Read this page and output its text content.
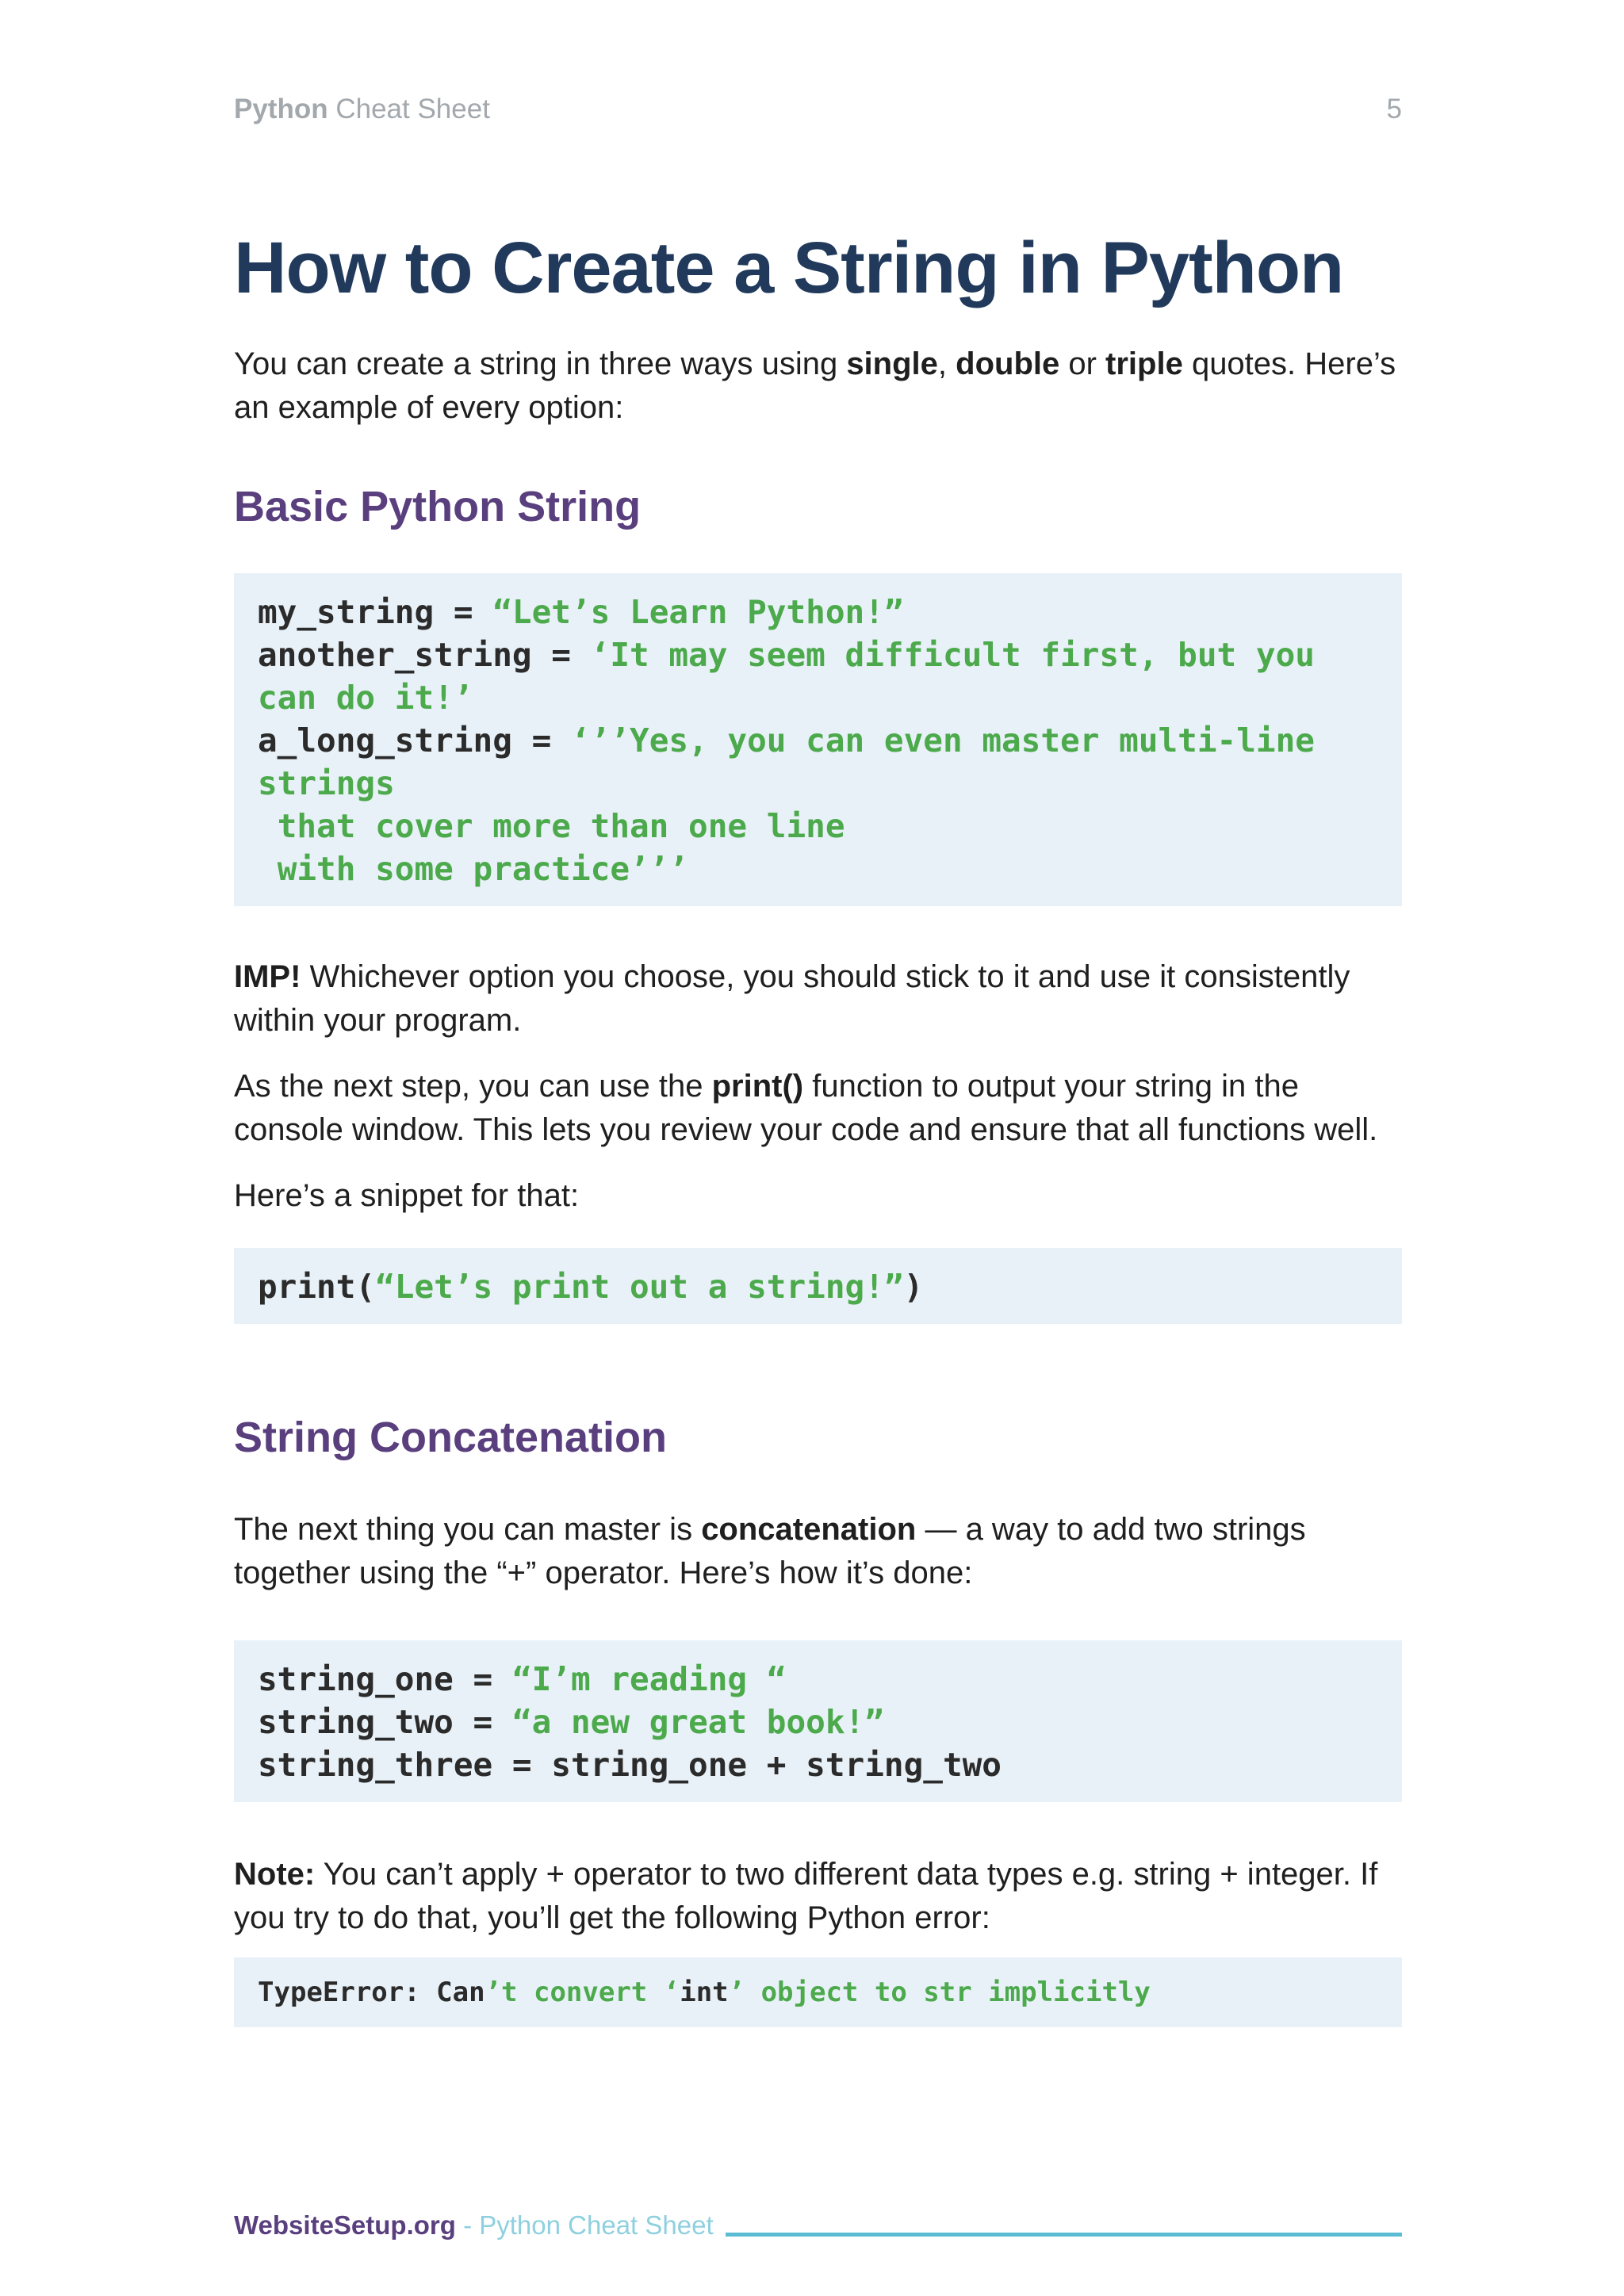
Python Cheat Sheet	5
How to Create a String in Python

You can create a string in three ways using single, double or triple quotes. Here’s an example of every option:

Basic Python String
my_string = “Let’s Learn Python!”
another_string = ‘It may seem difficult first, but you can do it!’
a_long_string = ‘’’Yes, you can even master multi-line strings
that cover more than one line
with some practice’’’

IMP! Whichever option you choose, you should stick to it and use it consistently within your program.

As the next step, you can use the print() function to output your string in the console window. This lets you review your code and ensure that all functions well.

Here’s a snippet for that:

print(“Let’s print out a string!”)
String Concatenation

The next thing you can master is concatenation — a way to add two strings together using the “+” operator. Here’s how it’s done:

string_one = “I’m reading “
string_two = “a new great book!”
string_three = string_one + string_two

Note: You can’t apply + operator to two different data types e.g. string + integer. If you try to do that, you’ll get the following Python error:

TypeError: Can’t convert ‘int’ object to str implicitly
WebsiteSetup.org - Python Cheat Sheet
